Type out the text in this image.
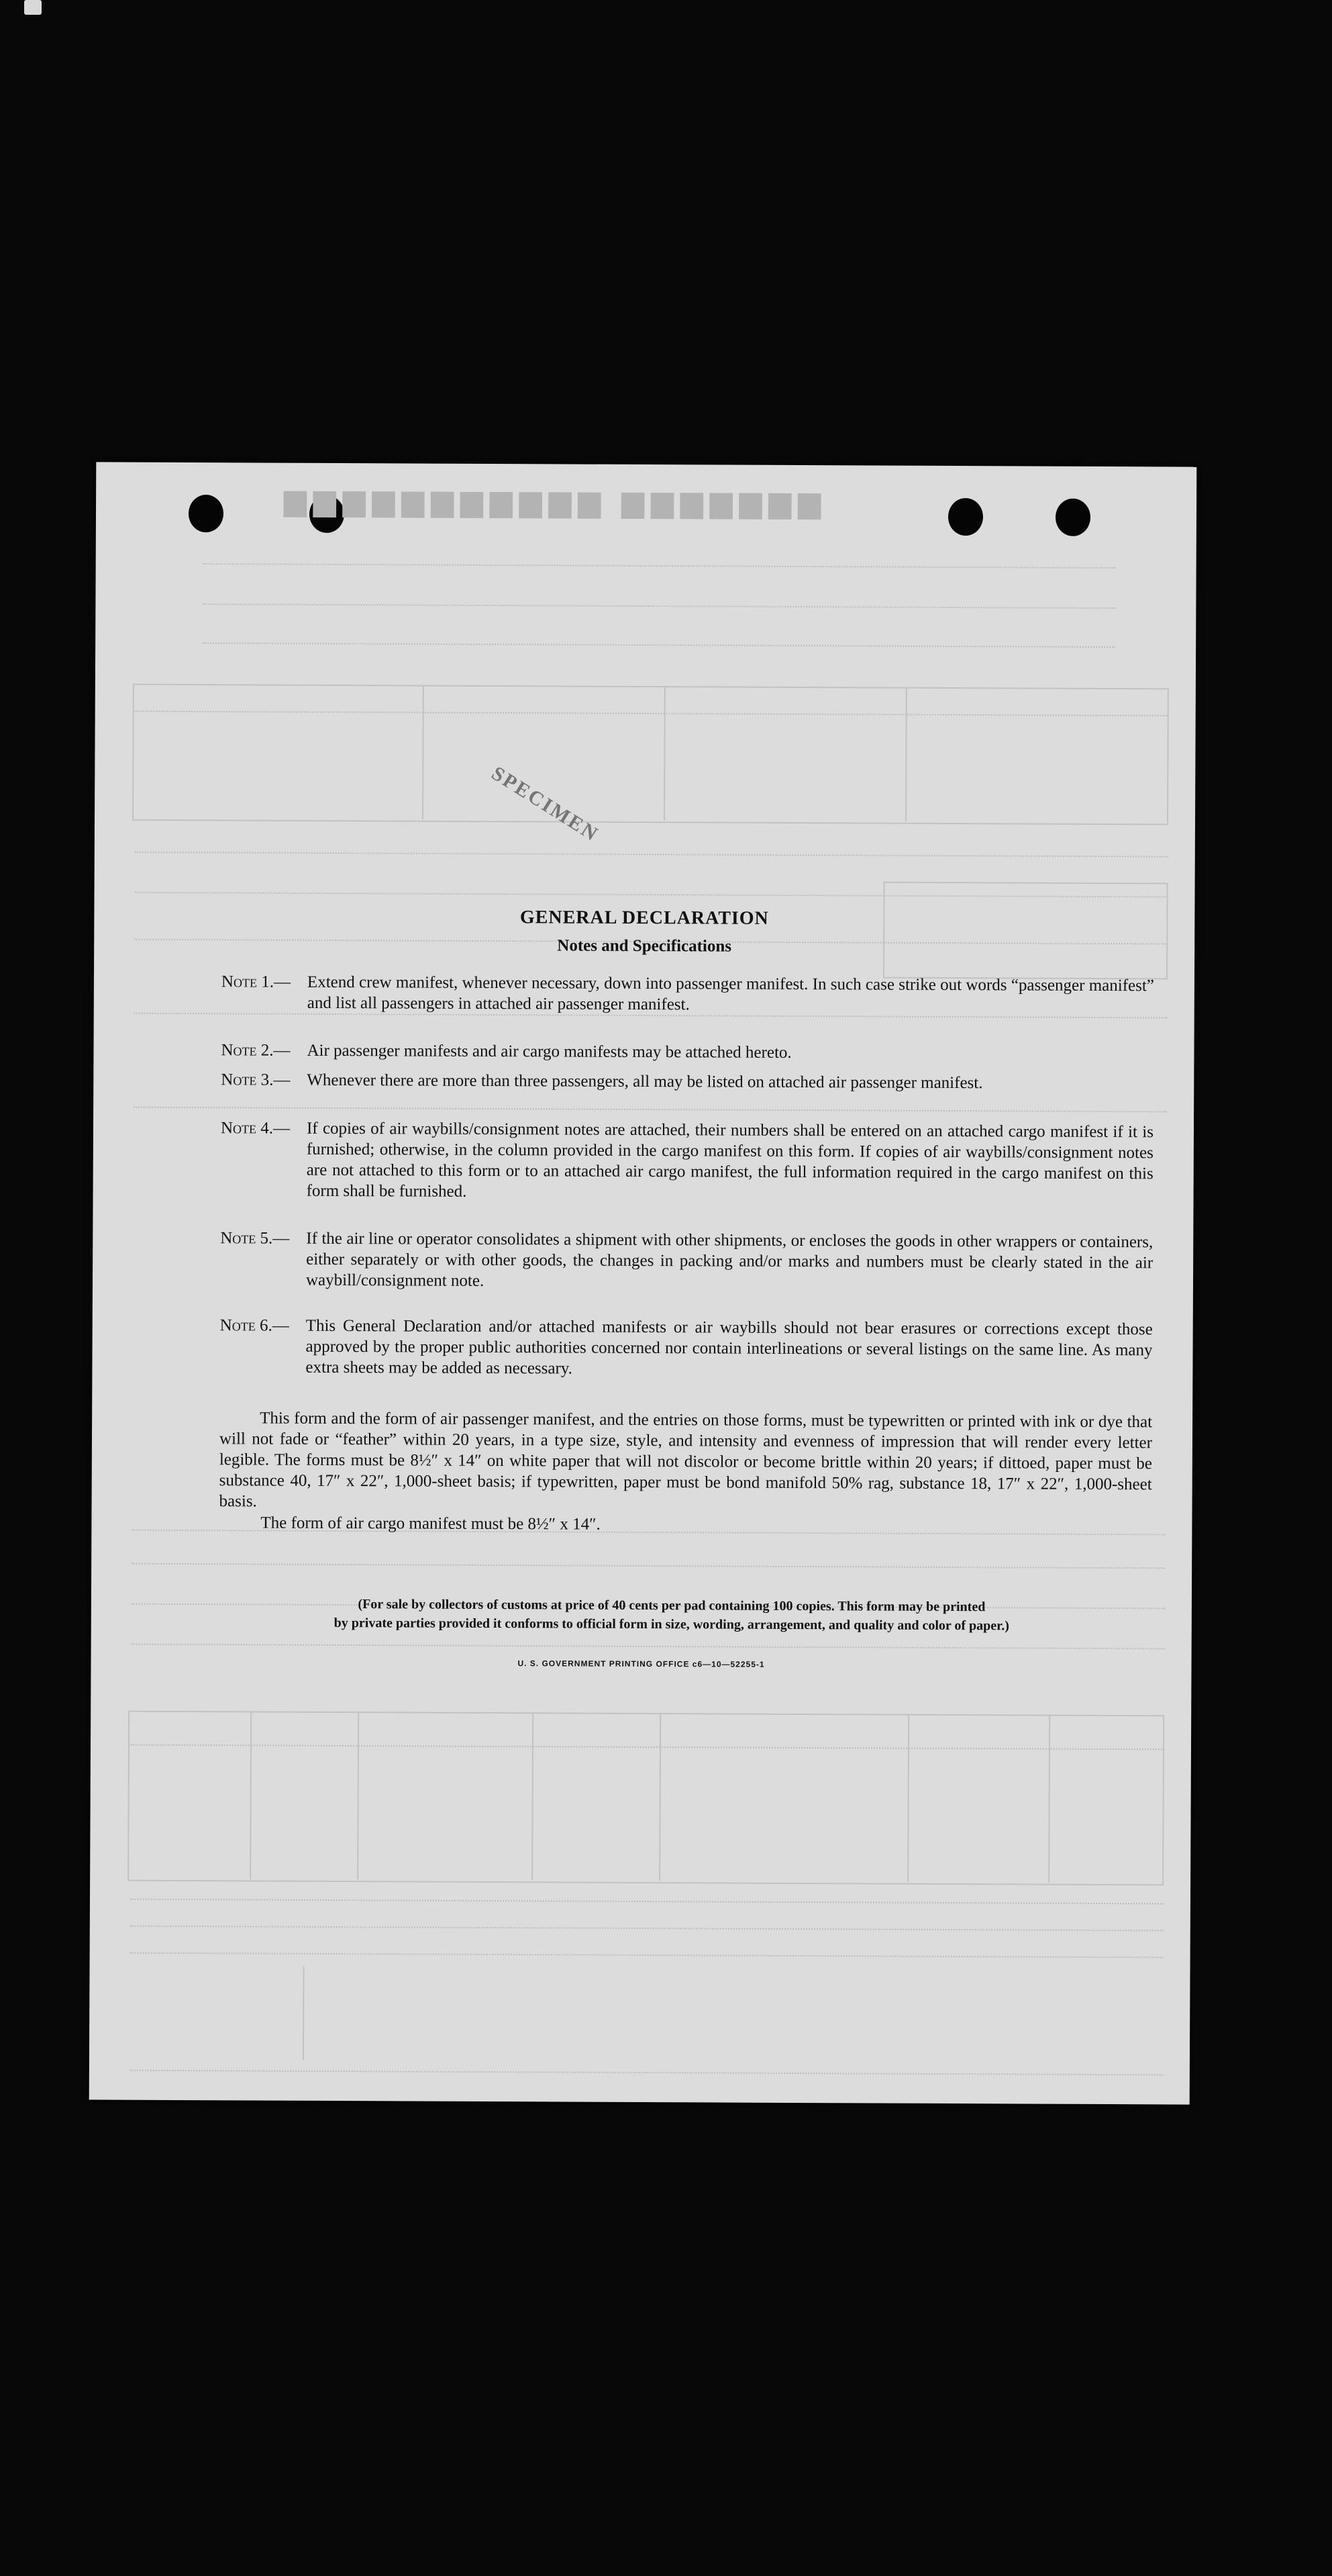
▆▆▆▆▆▆▆ ▆▆▆▆▆▆▆▆▆▆▆
SPECIMEN
GENERAL DECLARATION
Notes and Specifications
Note 1.— Extend crew manifest, whenever necessary, down into passenger manifest. In such case strike out words “passenger manifest” and list all passengers in attached air passenger manifest.
Note 2.— Air passenger manifests and air cargo manifests may be attached hereto.
Note 3.— Whenever there are more than three passengers, all may be listed on attached air passenger manifest.
Note 4.— If copies of air waybills/consignment notes are attached, their numbers shall be entered on an attached cargo manifest if it is furnished; otherwise, in the column provided in the cargo manifest on this form. If copies of air waybills/consignment notes are not attached to this form or to an attached air cargo manifest, the full information required in the cargo manifest on this form shall be furnished.
Note 5.— If the air line or operator consolidates a shipment with other shipments, or encloses the goods in other wrappers or containers, either separately or with other goods, the changes in packing and/or marks and numbers must be clearly stated in the air waybill/consignment note.
Note 6.— This General Declaration and/or attached manifests or air waybills should not bear erasures or corrections except those approved by the proper public authorities concerned nor contain interlineations or several listings on the same line. As many extra sheets may be added as necessary.
This form and the form of air passenger manifest, and the entries on those forms, must be typewritten or printed with ink or dye that will not fade or “feather” within 20 years, in a type size, style, and intensity and evenness of impression that will render every letter legible. The forms must be 8½″ x 14″ on white paper that will not discolor or become brittle within 20 years; if dittoed, paper must be substance 40, 17″ x 22″, 1,000-sheet basis; if typewritten, paper must be bond manifold 50% rag, substance 18, 17″ x 22″, 1,000-sheet basis.
The form of air cargo manifest must be 8½″ x 14″.
(For sale by collectors of customs at price of 40 cents per pad containing 100 copies. This form may be printed
by private parties provided it conforms to official form in size, wording, arrangement, and quality and color of paper.)
U. S. GOVERNMENT PRINTING OFFICE c6—10—52255-1
